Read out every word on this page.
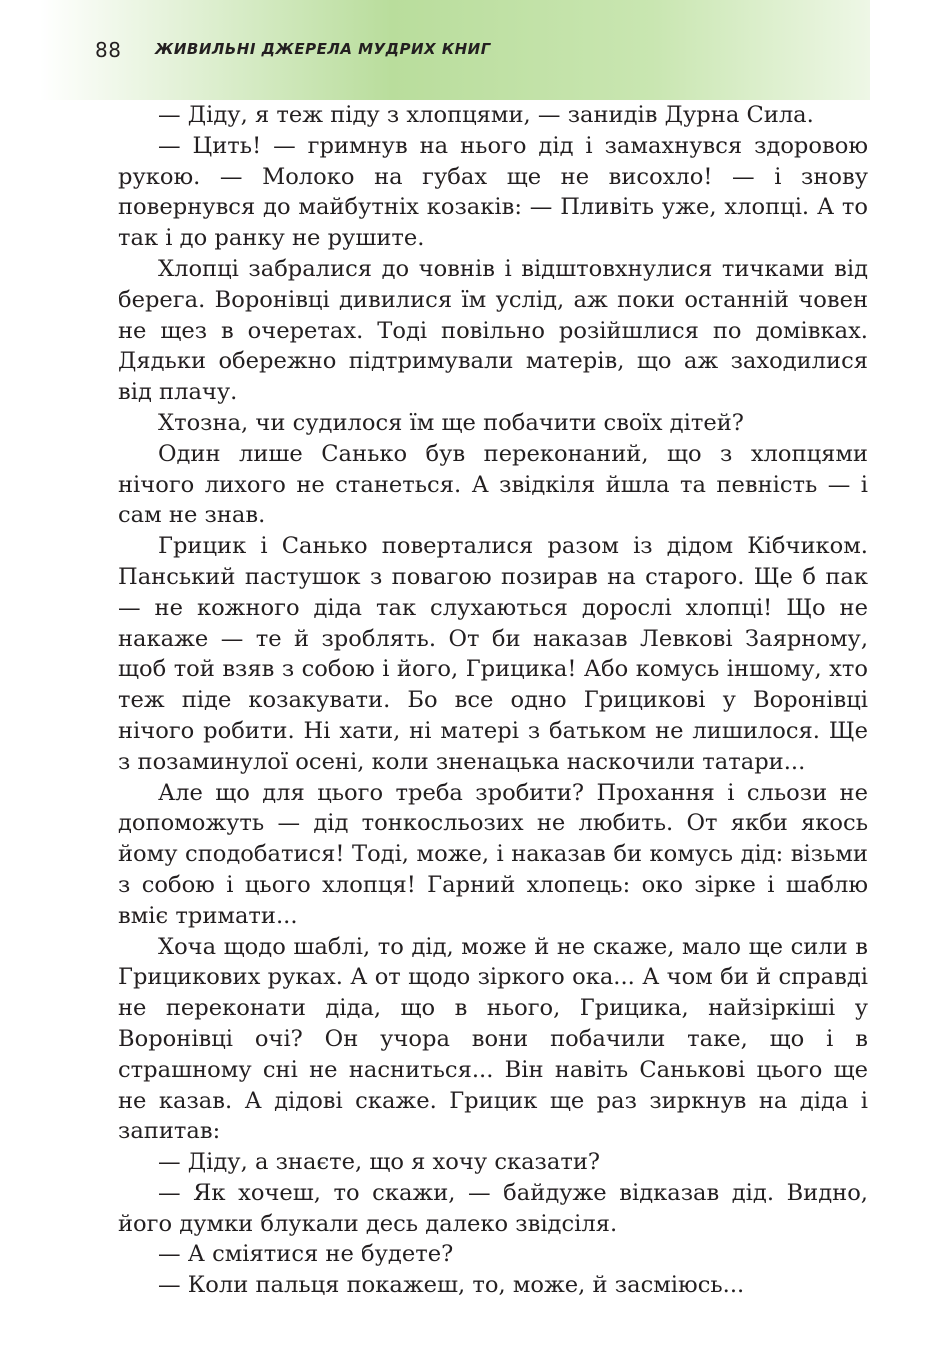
88 ЖИВИЛЬНІ ДЖЕРЕЛА МУДРИХ КНИГ

— Діду, я теж піду з хлопцями, — занидів Дурна Сила.

— Цить! — гримнув на нього дід і замахнувся здоровою рукою. — Молоко на губах ще не висохло! — і знову повернувся до майбутніх козаків: — Пливіть уже, хлопці. А то так і до ранку не рушите.

Хлопці забралися до човнів і відштовхнулися тичками від берега. Воронівці дивилися їм услід, аж поки останній човен не щез в очеретах. Тоді повільно розійшлися по домівках. Дядьки обережно підтримували матерів, що аж заходилися від плачу.

Хтозна, чи судилося їм ще побачити своїх дітей?

Один лише Санько був переконаний, що з хлопцями нічого лихого не станеться. А звідкіля йшла та певність — і сам не знав.

Грицик і Санько поверталися разом із дідом Кібчиком. Панський пастушок з повагою позирав на старого. Ще б пак — не кожного діда так слухаються дорослі хлопці! Що не накаже — те й зроблять. От би наказав Левкові Заярному, щоб той взяв з собою і його, Грицика! Або комусь іншому, хто теж піде козакувати. Бо все одно Грицикові у Воронівці нічого робити. Ні хати, ні матері з батьком не лишилося. Ще з позаминулої осені, коли зненацька наскочили татари...

Але що для цього треба зробити? Прохання і сльози не допоможуть — дід тонкосльозих не любить. От якби якось йому сподобатися! Тоді, може, і наказав би комусь дід: візьми з собою і цього хлопця! Гарний хлопець: око зірке і шаблю вміє тримати...

Хоча щодо шаблі, то дід, може й не скаже, мало ще сили в Грицикових руках. А от щодо зіркого ока... А чом би й справді не переконати діда, що в нього, Грицика, найзіркіші у Воронівці очі? Он учора вони побачили таке, що і в страшному сні не насниться... Він навіть Санькові цього ще не казав. А дідові скаже. Грицик ще раз зиркнув на діда і запитав:

— Діду, а знаєте, що я хочу сказати?

— Як хочеш, то скажи, — байдуже відказав дід. Видно, його думки блукали десь далеко звідсіля.

— А сміятися не будете?

— Коли пальця покажеш, то, може, й засміюсь...
